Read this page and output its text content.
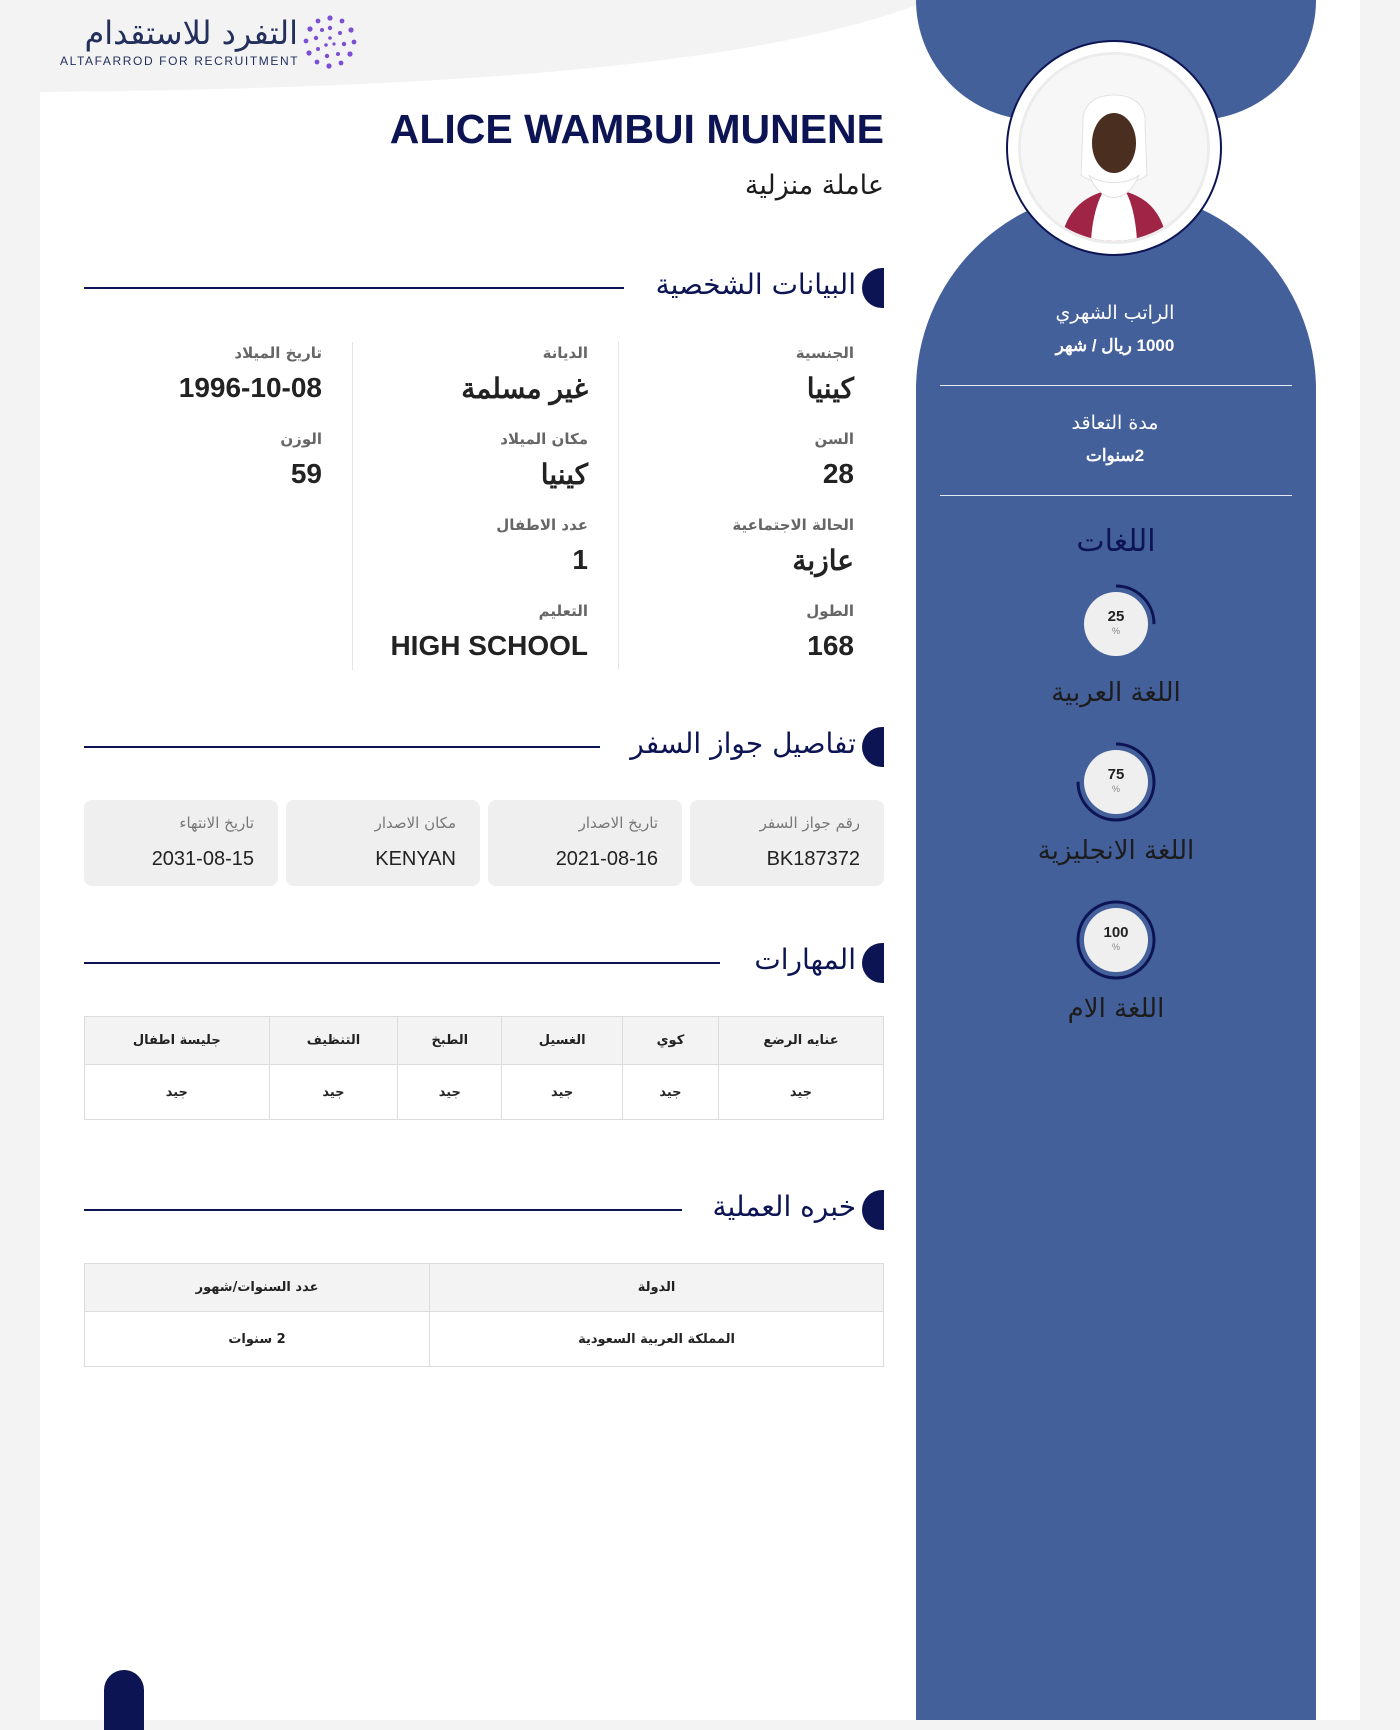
التفرد للاستقدام
ALTAFARROD FOR RECRUITMENT
الراتب الشهري
1000 ريال / شهر
مدة التعاقد
2سنوات
اللغات
25
%
اللغة العربية
75
%
اللغة الانجليزية
100
%
اللغة الام
ALICE WAMBUI MUNENE
عاملة منزلية
البيانات الشخصية
الجنسية
كينيا
الديانة
غير مسلمة
تاريخ الميلاد
1996-10-08
السن
28
مكان الميلاد
كينيا
الوزن
59
الحالة الاجتماعية
عازبة
عدد الاطفال
1
الطول
168
التعليم
HIGH SCHOOL
تفاصيل جواز السفر
رقم جواز السفر
BK187372
تاريخ الاصدار
2021-08-16
مكان الاصدار
KENYAN
تاريخ الانتهاء
2031-08-15
المهارات
عنايه الرضع	كوي	الغسيل	الطبخ	التنظيف	جليسة اطفال
جيد	جيد	جيد	جيد	جيد	جيد
خبره العملية
الدولة	عدد السنوات/شهور
المملكة العربية السعودية	2 سنوات
